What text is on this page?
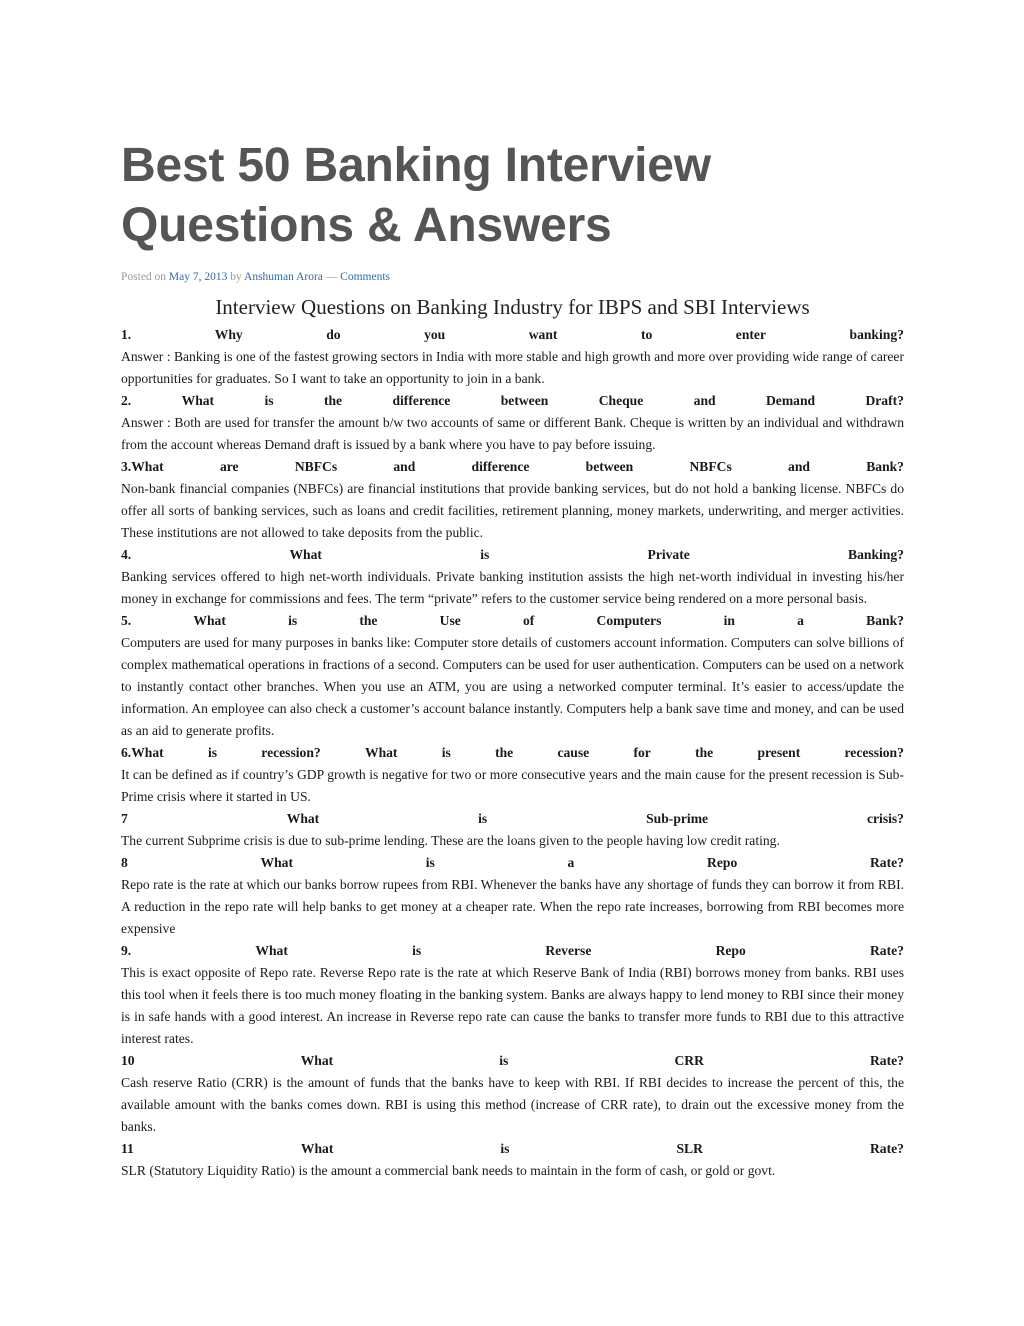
Best 50 Banking Interview
Questions & Answers
Posted on May 7, 2013 by Anshuman Arora — Comments
Interview Questions on Banking Industry for IBPS and SBI Interviews
1.	Why	do	you	want	to	enter	banking?

Answer : Banking is one of the fastest growing sectors in India with more stable and high growth and more over providing wide range of career opportunities for graduates. So I want to take an opportunity to join in a bank.

2.	What	is	the	difference	between	Cheque	and	Demand	Draft?

Answer : Both are used for transfer the amount b/w two accounts of same or different Bank. Cheque is written by an individual and withdrawn from the account whereas Demand draft is issued by a bank where you have to pay before issuing.

3.What	are	NBFCs	and	difference	between	NBFCs	and	Bank?

Non-bank financial companies (NBFCs) are financial institutions that provide banking services, but do not hold a banking license. NBFCs do offer all sorts of banking services, such as loans and credit facilities, retirement planning, money markets, underwriting, and merger activities. These institutions are not allowed to take deposits from the public.

4.	What	is	Private	Banking?

Banking services offered to high net-worth individuals. Private banking institution assists the high net-worth individual in investing his/her money in exchange for commissions and fees. The term “private” refers to the customer service being rendered on a more personal basis.

5.	What	is	the	Use	of	Computers	in	a	Bank?

Computers are used for many purposes in banks like: Computer store details of customers account information. Computers can solve billions of complex mathematical operations in fractions of a second. Computers can be used for user authentication. Computers can be used on a network to instantly contact other branches. When you use an ATM, you are using a networked computer terminal. It’s easier to access/update the information. An employee can also check a customer’s account balance instantly. Computers help a bank save time and money, and can be used as an aid to generate profits.

6.What	is	recession?	What	is	the	cause	for	the	present	recession?

It can be defined as if country’s GDP growth is negative for two or more consecutive years and the main cause for the present recession is Sub-Prime crisis where it started in US.

7	What	is	Sub-prime	crisis?

The current Subprime crisis is due to sub-prime lending. These are the loans given to the people having low credit rating.

8	What	is	a	Repo	Rate?

Repo rate is the rate at which our banks borrow rupees from RBI. Whenever the banks have any shortage of funds they can borrow it from RBI. A reduction in the repo rate will help banks to get money at a cheaper rate. When the repo rate increases, borrowing from RBI becomes more expensive

9.	What	is	Reverse	Repo	Rate?

This is exact opposite of Repo rate. Reverse Repo rate is the rate at which Reserve Bank of India (RBI) borrows money from banks. RBI uses this tool when it feels there is too much money floating in the banking system. Banks are always happy to lend money to RBI since their money is in safe hands with a good interest. An increase in Reverse repo rate can cause the banks to transfer more funds to RBI due to this attractive interest rates.

10	What	is	CRR	Rate?

Cash reserve Ratio (CRR) is the amount of funds that the banks have to keep with RBI. If RBI decides to increase the percent of this, the available amount with the banks comes down. RBI is using this method (increase of CRR rate), to drain out the excessive money from the banks.

11	What	is	SLR	Rate?

SLR (Statutory Liquidity Ratio) is the amount a commercial bank needs to maintain in the form of cash, or gold or govt.
